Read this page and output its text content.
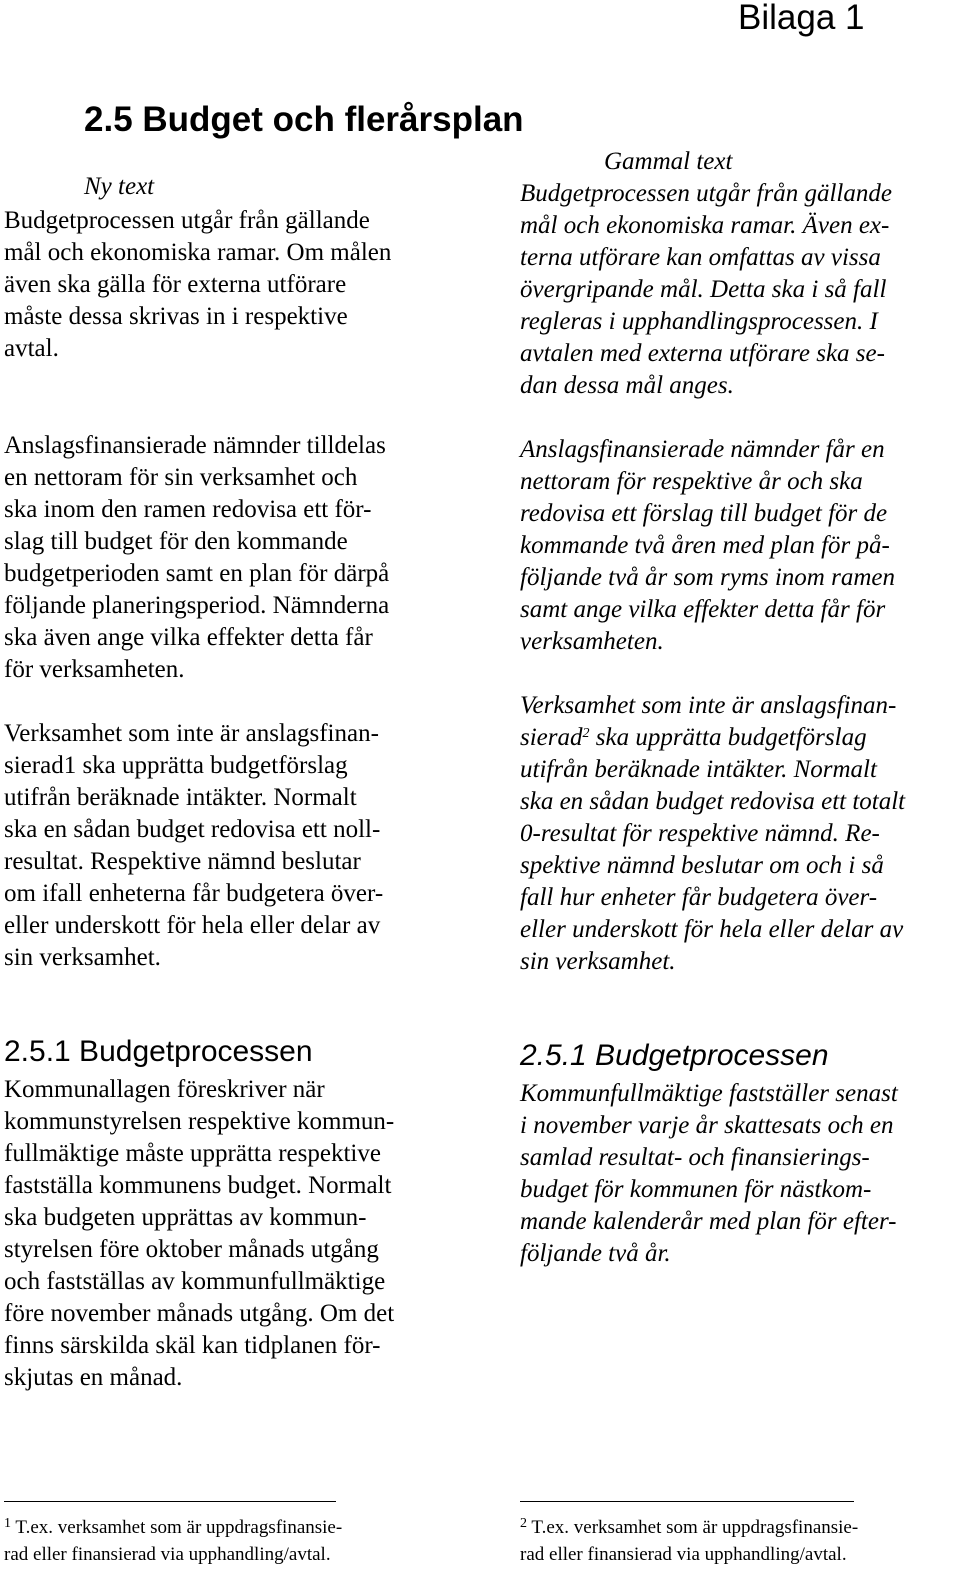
Bilaga 1
2.5 Budget och flerårsplan
Ny text
Budgetprocessen utgår från gällande
mål och ekonomiska ramar. Om målen
även ska gälla för externa utförare
måste dessa skrivas in i respektive
avtal.
Anslagsfinansierade nämnder tilldelas
en nettoram för sin verksamhet och
ska inom den ramen redovisa ett för-
slag till budget för den kommande
budgetperioden samt en plan för därpå
följande planeringsperiod. Nämnderna
ska även ange vilka effekter detta får
för verksamheten.
Verksamhet som inte är anslagsfinan-
sierad1 ska upprätta budgetförslag
utifrån beräknade intäkter. Normalt
ska en sådan budget redovisa ett noll-
resultat. Respektive nämnd beslutar
om ifall enheterna får budgetera över-
eller underskott för hela eller delar av
sin verksamhet.
2.5.1 Budgetprocessen
Kommunallagen föreskriver när
kommunstyrelsen respektive kommun-
fullmäktige måste upprätta respektive
fastställa kommunens budget. Normalt
ska budgeten upprättas av kommun-
styrelsen före oktober månads utgång
och fastställas av kommunfullmäktige
före november månads utgång. Om det
finns särskilda skäl kan tidplanen för-
skjutas en månad.
Gammal text
Budgetprocessen utgår från gällande
mål och ekonomiska ramar. Även ex-
terna utförare kan omfattas av vissa
övergripande mål. Detta ska i så fall
regleras i upphandlingsprocessen. I
avtalen med externa utförare ska se-
dan dessa mål anges.
Anslagsfinansierade nämnder får en
nettoram för respektive år och ska
redovisa ett förslag till budget för de
kommande två åren med plan för på-
följande två år som ryms inom ramen
samt ange vilka effekter detta får för
verksamheten.
Verksamhet som inte är anslagsfinan-
sierad$^2$ ska upprätta budgetförslag
utifrån beräknade intäkter. Normalt
ska en sådan budget redovisa ett totalt
0-resultat för respektive nämnd. Re-
spektive nämnd beslutar om och i så
fall hur enheter får budgetera över-
eller underskott för hela eller delar av
sin verksamhet.
2.5.1 Budgetprocessen
Kommunfullmäktige fastställer senast
i november varje år skattesats och en
samlad resultat- och finansierings-
budget för kommunen för nästkom-
mande kalenderår med plan för efter-
följande två år.
$^1$ T.ex. verksamhet som är uppdragsfinansie-
rad eller finansierad via upphandling/avtal.
$^2$ T.ex. verksamhet som är uppdragsfinansie-
rad eller finansierad via upphandling/avtal.
